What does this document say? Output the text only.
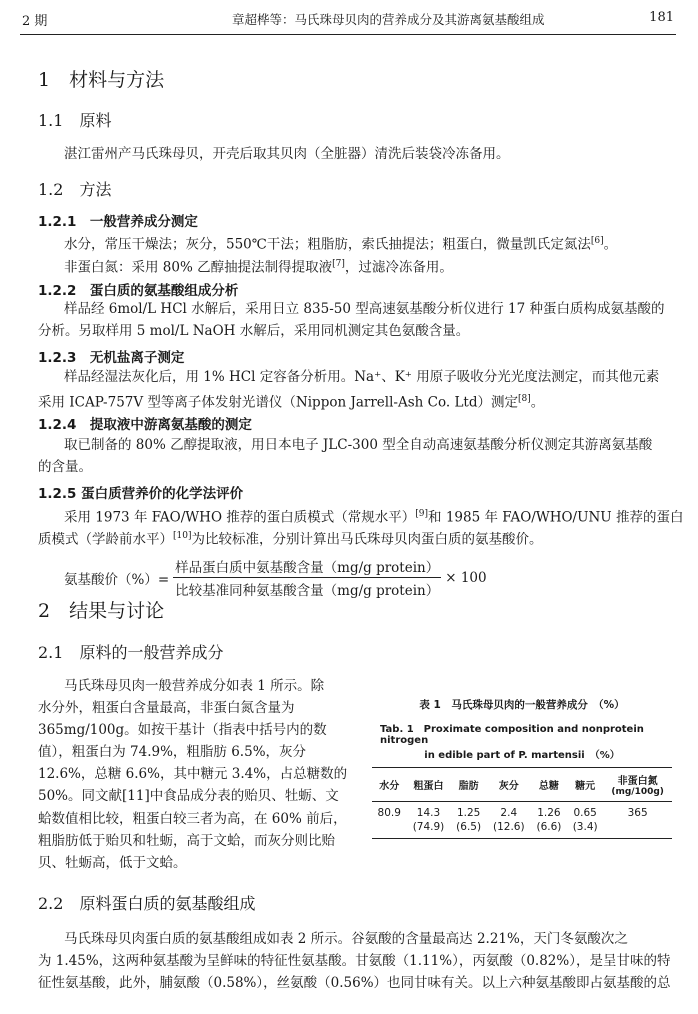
2 期	章超桦等：马氏珠母贝肉的营养成分及其游离氨基酸组成	181
1　材料与方法
1.1　原料
湛江雷州产马氏珠母贝，开壳后取其贝肉（全脏器）清洗后装袋冷冻备用。
1.2　方法
1.2.1　一般营养成分测定
水分，常压干燥法；灰分，550℃干法；粗脂肪，索氏抽提法；粗蛋白，微量凯氏定氮法[6]。
非蛋白氮：采用 80% 乙醇抽提法制得提取液[7]，过滤冷冻备用。
1.2.2　蛋白质的氨基酸组成分析
样品经 6mol/L HCl 水解后，采用日立 835-50 型高速氨基酸分析仪进行 17 种蛋白质构成氨基酸的
分析。另取样用 5 mol/L NaOH 水解后，采用同机测定其色氨酸含量。
1.2.3　无机盐离子测定
样品经湿法灰化后，用 1% HCl 定容备分析用。Na⁺、K⁺ 用原子吸收分光光度法测定，而其他元素
采用 ICAP-757V 型等离子体发射光谱仪（Nippon Jarrell-Ash Co. Ltd）测定[8]。
1.2.4　提取液中游离氨基酸的测定
取已制备的 80% 乙醇提取液，用日本电子 JLC-300 型全自动高速氨基酸分析仪测定其游离氨基酸
的含量。
1.2.5 蛋白质营养价的化学法评价
采用 1973 年 FAO/WHO 推荐的蛋白质模式（常规水平）[9]和 1985 年 FAO/WHO/UNU 推荐的蛋白
质模式（学龄前水平）[10]为比较标准，分别计算出马氏珠母贝肉蛋白质的氨基酸价。
氨基酸价（%）= $\frac{\text{样品蛋白质中氨基酸含量（mg/g protein）}}{\text{比较基准同种氨基酸含量（mg/g protein）}} \times 100$
2　结果与讨论
2.1　原料的一般营养成分
马氏珠母贝肉一般营养成分如表 1 所示。除
水分外，粗蛋白含量最高，非蛋白氮含量为
365mg/100g。如按干基计（指表中括号内的数
值），粗蛋白为 74.9%，粗脂肪 6.5%，灰分
12.6%，总糖 6.6%，其中糖元 3.4%，占总糖数的
50%。同文献[11]中食品成分表的贻贝、牡蛎、文
蛤数值相比较，粗蛋白较三者为高，在 60% 前后，
粗脂肪低于贻贝和牡蛎，高于文蛤，而灰分则比贻
贝、牡蛎高，低于文蛤。
表 1　马氏珠母贝肉的一般营养成分　（%）
Tab. 1　Proximate composition and nonprotein nitrogen
in edible part of P. martensii　（%）
水分	粗蛋白	脂肪	灰分	总糖	糖元	非蛋白氮
(mg/100g)

80.9	14.3	1.25	2.4	1.26	0.65	365
	(74.9)	(6.5)	(12.6)	(6.6)	(3.4)	
2.2　原料蛋白质的氨基酸组成
马氏珠母贝肉蛋白质的氨基酸组成如表 2 所示。谷氨酸的含量最高达 2.21%，天门冬氨酸次之
为 1.45%，这两种氨基酸为呈鲜味的特征性氨基酸。甘氨酸（1.11%），丙氨酸（0.82%），是呈甘味的特
征性氨基酸，此外，脯氨酸（0.58%），丝氨酸（0.56%）也同甘味有关。以上六种氨基酸即占氨基酸的总
